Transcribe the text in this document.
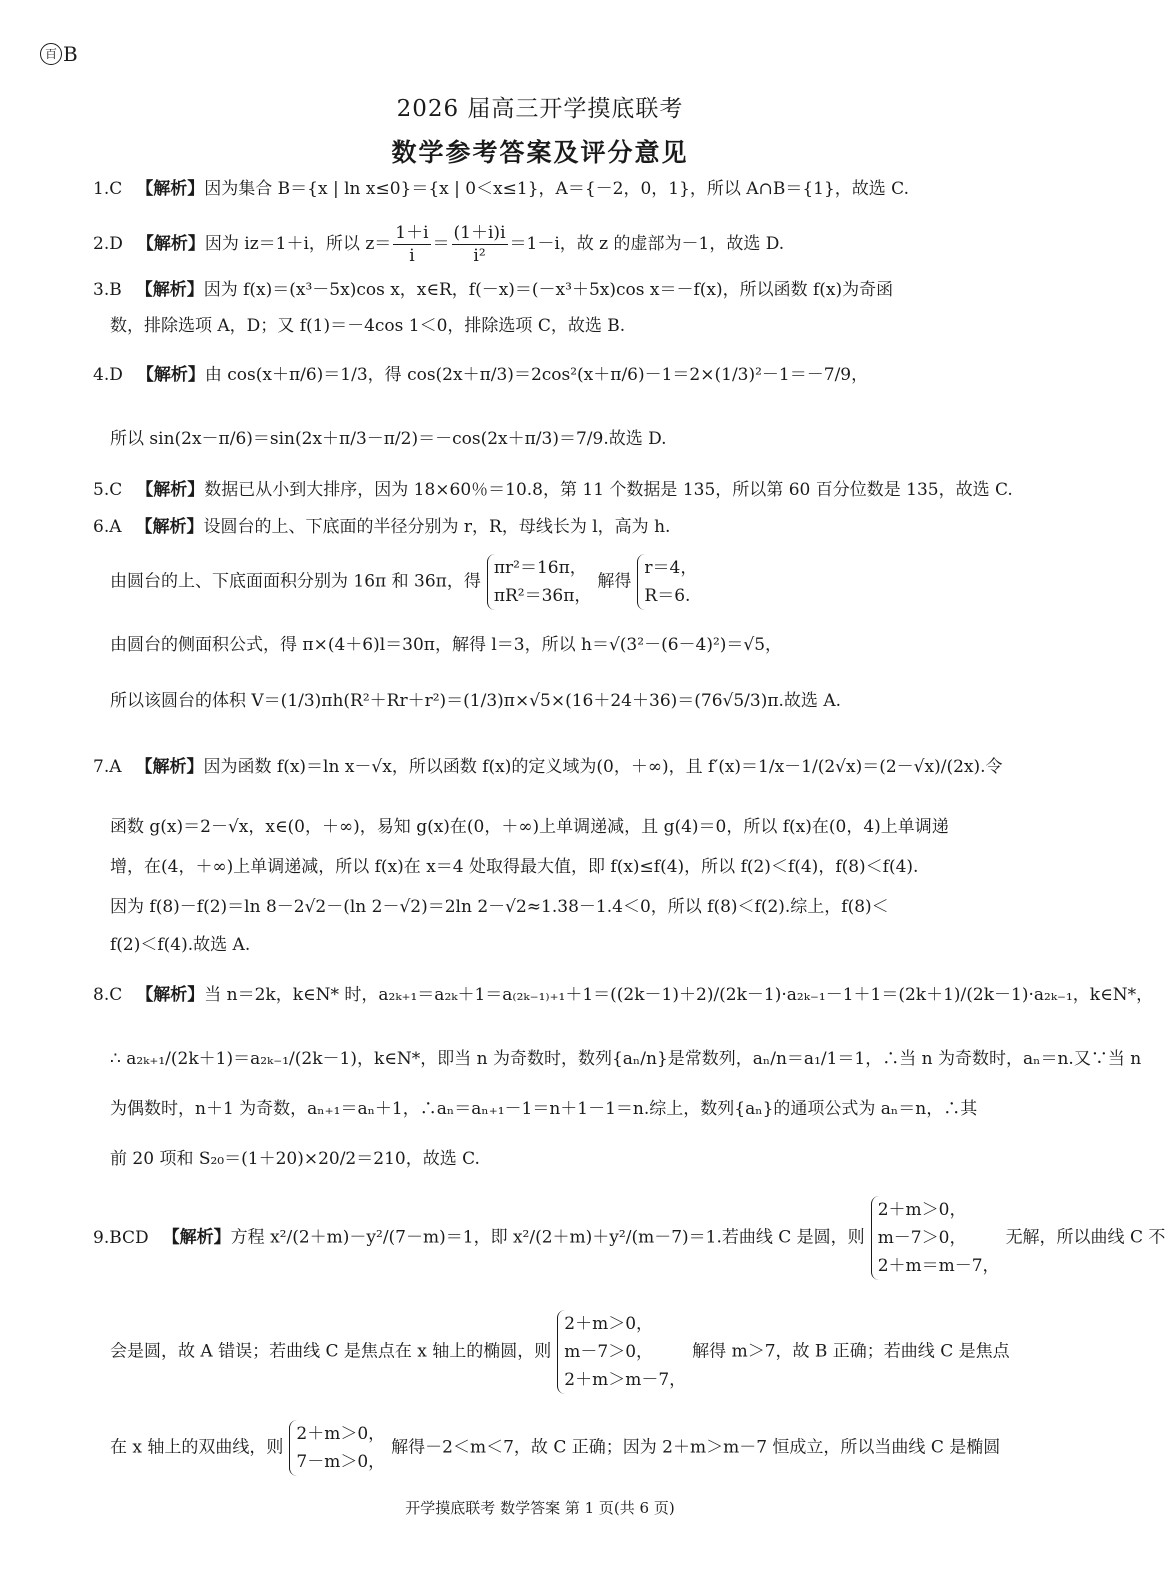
百 B
2026 届高三开学摸底联考
数学参考答案及评分意见
1.C 【解析】因为集合 B＝{x | ln x≤0}＝{x | 0＜x≤1}，A＝{－2，0，1}，所以 A∩B＝{1}，故选 C.
2.D 【解析】因为 iz＝1＋i，所以 $z= \frac{1+i}{i} = \frac{(1+i)i}{\text{i²}} =1-i$，故 z 的虚部为－1，故选 D.
3.B 【解析】因为 f(x)＝(x³－5x)cos x，x∈R，f(－x)＝(－x³＋5x)cos x＝－f(x)，所以函数 f(x)为奇函
数，排除选项 A，D；又 f(1)＝－4cos 1＜0，排除选项 C，故选 B.
4.D 【解析】由 cos(x＋π/6)＝1/3，得 cos(2x＋π/3)＝2cos²(x＋π/6)－1＝2×(1/3)²－1＝－7/9，
所以 sin(2x－π/6)＝sin(2x＋π/3－π/2)＝－cos(2x＋π/3)＝7/9.故选 D.
5.C 【解析】数据已从小到大排序，因为 18×60％＝10.8，第 11 个数据是 135，所以第 60 百分位数是 135，故选 C.
6.A 【解析】设圆台的上、下底面的半径分别为 r，R，母线长为 l，高为 h.
由圆台的上、下底面面积分别为 16π 和 36π，得
πr²＝16π，
πR²＝36π，
解得
r＝4，
R＝6.
由圆台的侧面积公式，得 π×(4＋6)l＝30π，解得 l＝3，所以 h＝√(3²－(6－4)²)＝√5，
所以该圆台的体积 V＝(1/3)πh(R²＋Rr＋r²)＝(1/3)π×√5×(16＋24＋36)＝(76√5/3)π.故选 A.
7.A 【解析】因为函数 f(x)＝ln x－√x，所以函数 f(x)的定义域为(0，＋∞)，且 f′(x)＝1/x－1/(2√x)＝(2－√x)/(2x).令
函数 g(x)＝2－√x，x∈(0，＋∞)，易知 g(x)在(0，＋∞)上单调递减，且 g(4)＝0，所以 f(x)在(0，4)上单调递
增，在(4，＋∞)上单调递减，所以 f(x)在 x＝4 处取得最大值，即 f(x)≤f(4)，所以 f(2)＜f(4)，f(8)＜f(4).
因为 f(8)－f(2)＝ln 8－2√2－(ln 2－√2)＝2ln 2－√2≈1.38－1.4＜0，所以 f(8)＜f(2).综上，f(8)＜
f(2)＜f(4).故选 A.
8.C 【解析】当 n＝2k，k∈N* 时，a₂ₖ₊₁＝a₂ₖ＋1＝a₍₂ₖ₋₁₎₊₁＋1＝((2k－1)＋2)/(2k－1)·a₂ₖ₋₁－1＋1＝(2k＋1)/(2k－1)·a₂ₖ₋₁，k∈N*，
∴ a₂ₖ₊₁/(2k＋1)＝a₂ₖ₋₁/(2k－1)，k∈N*，即当 n 为奇数时，数列{aₙ/n}是常数列，aₙ/n＝a₁/1＝1，∴当 n 为奇数时，aₙ＝n.又∵当 n
为偶数时，n＋1 为奇数，aₙ₊₁＝aₙ＋1，∴aₙ＝aₙ₊₁－1＝n＋1－1＝n.综上，数列{aₙ}的通项公式为 aₙ＝n，∴其
前 20 项和 S₂₀＝(1＋20)×20/2＝210，故选 C.
9.BCD 【解析】方程 x²/(2＋m)－y²/(7－m)＝1，即 x²/(2＋m)＋y²/(m－7)＝1.若曲线 C 是圆，则
2＋m＞0，
m－7＞0，
2＋m＝m－7，
无解，所以曲线 C 不
会是圆，故 A 错误；若曲线 C 是焦点在 x 轴上的椭圆，则
2＋m＞0，
m－7＞0，
2＋m＞m－7，
解得 m＞7，故 B 正确；若曲线 C 是焦点
在 x 轴上的双曲线，则
2＋m＞0，
7－m＞0，
解得－2＜m＜7，故 C 正确；因为 2＋m＞m－7 恒成立，所以当曲线 C 是椭圆
开学摸底联考 数学答案 第 1 页(共 6 页)
